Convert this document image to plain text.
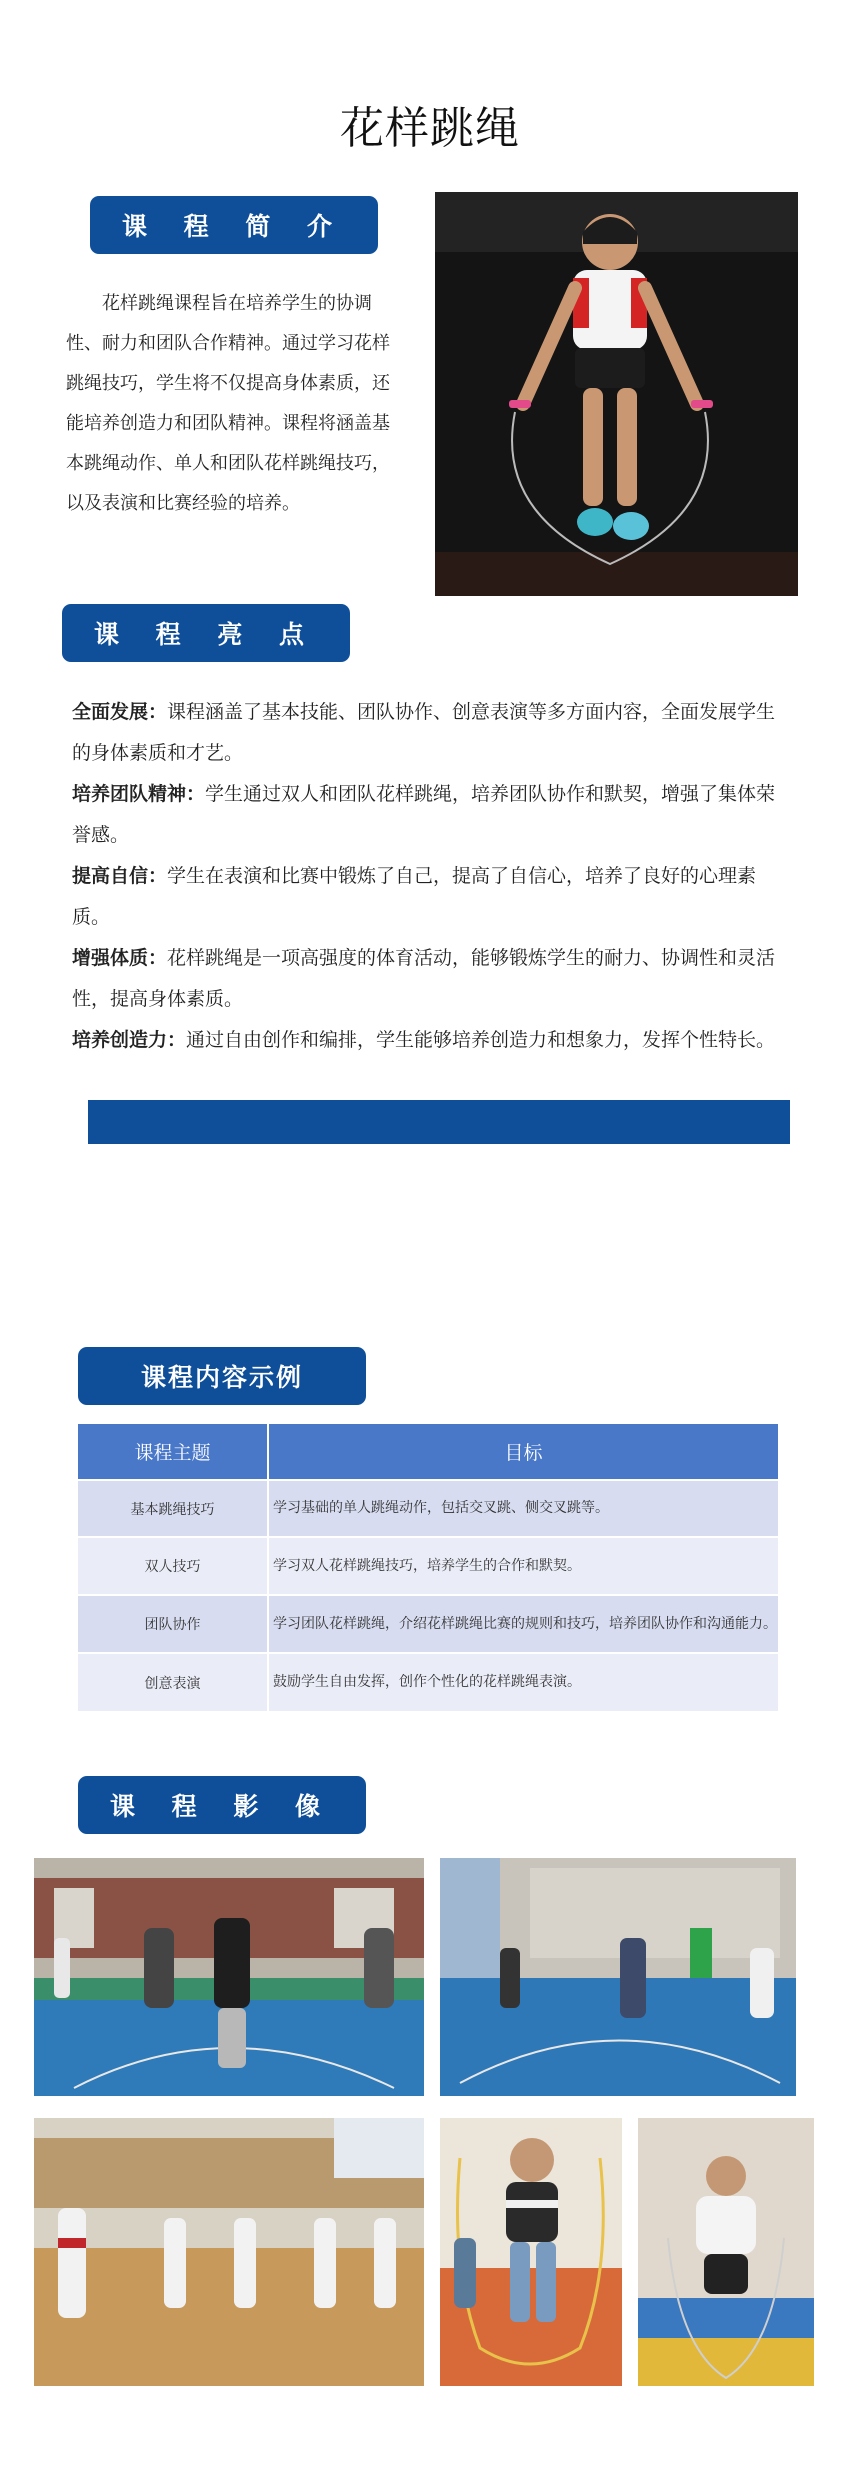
花样跳绳
课 程 简 介
花样跳绳课程旨在培养学生的协调性、耐力和团队合作精神。通过学习花样跳绳技巧，学生将不仅提高身体素质，还能培养创造力和团队精神。课程将涵盖基本跳绳动作、单人和团队花样跳绳技巧，以及表演和比赛经验的培养。
课 程 亮 点

全面发展：课程涵盖了基本技能、团队协作、创意表演等多方面内容，全面发展学生的身体素质和才艺。

培养团队精神：学生通过双人和团队花样跳绳，培养团队协作和默契，增强了集体荣誉感。

提高自信：学生在表演和比赛中锻炼了自己，提高了自信心，培养了良好的心理素质。

增强体质：花样跳绳是一项高强度的体育活动，能够锻炼学生的耐力、协调性和灵活性，提高身体素质。

培养创造力：通过自由创作和编排，学生能够培养创造力和想象力，发挥个性特长。

课程内容示例
课程主题	目标
基本跳绳技巧	学习基础的单人跳绳动作，包括交叉跳、侧交叉跳等。
双人技巧	学习双人花样跳绳技巧，培养学生的合作和默契。
团队协作	学习团队花样跳绳，介绍花样跳绳比赛的规则和技巧，培养团队协作和沟通能力。
创意表演	鼓励学生自由发挥，创作个性化的花样跳绳表演。
课 程 影 像
